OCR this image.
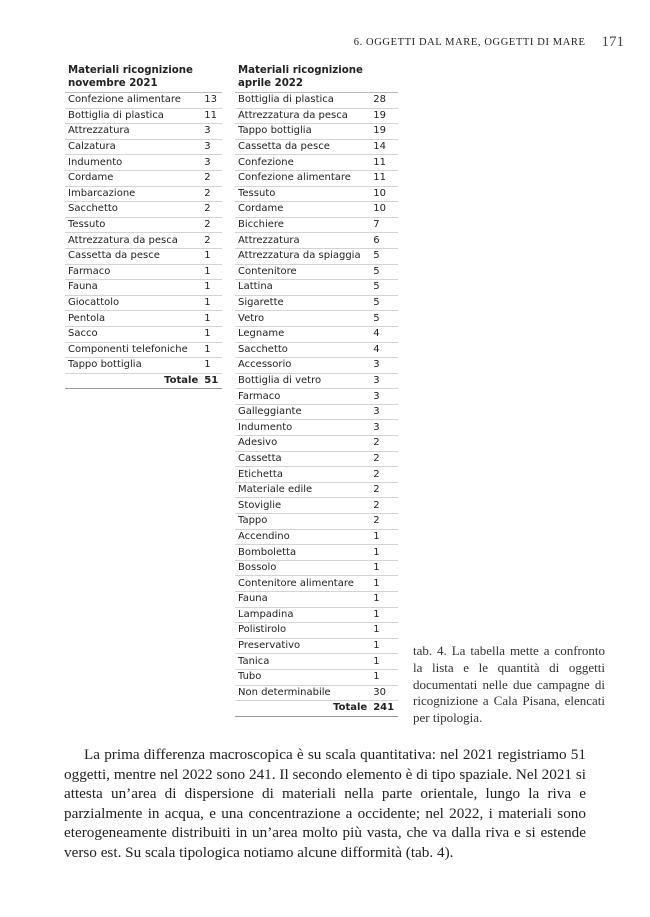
6. OGGETTI DAL MARE, OGGETTI DI MARE 171
Materiali ricognizione
novembre 2021	
Confezione alimentare	13
Bottiglia di plastica	11
Attrezzatura	3
Calzatura	3
Indumento	3
Cordame	2
Imbarcazione	2
Sacchetto	2
Tessuto	2
Attrezzatura da pesca	2
Cassetta da pesce	1
Farmaco	1
Fauna	1
Giocattolo	1
Pentola	1
Sacco	1
Componenti telefoniche	1
Tappo bottiglia	1
Totale	51
Materiali ricognizione
aprile 2022	
Bottiglia di plastica	28
Attrezzatura da pesca	19
Tappo bottiglia	19
Cassetta da pesce	14
Confezione	11
Confezione alimentare	11
Tessuto	10
Cordame	10
Bicchiere	7
Attrezzatura	6
Attrezzatura da spiaggia	5
Contenitore	5
Lattina	5
Sigarette	5
Vetro	5
Legname	4
Sacchetto	4
Accessorio	3
Bottiglia di vetro	3
Farmaco	3
Galleggiante	3
Indumento	3
Adesivo	2
Cassetta	2
Etichetta	2
Materiale edile	2
Stoviglie	2
Tappo	2
Accendino	1
Bomboletta	1
Bossolo	1
Contenitore alimentare	1
Fauna	1
Lampadina	1
Polistirolo	1
Preservativo	1
Tanica	1
Tubo	1
Non determinabile	30
Totale	241
tab. 4. La tabella mette a confronto la lista e le quantità di oggetti documentati nelle due campagne di ricognizione a Cala Pisana, elencati per tipologia.

La prima differenza macroscopica è su scala quantitativa: nel 2021 registriamo 51 oggetti, mentre nel 2022 sono 241. Il secondo elemento è di tipo spaziale. Nel 2021 si attesta un’area di dispersione di materiali nella parte orientale, lungo la riva e parzialmente in acqua, e una concentrazione a occidente; nel 2022, i materiali sono eterogeneamente distribuiti in un’area molto più vasta, che va dalla riva e si estende verso est. Su scala tipologica notiamo alcune difformità (tab. 4).
